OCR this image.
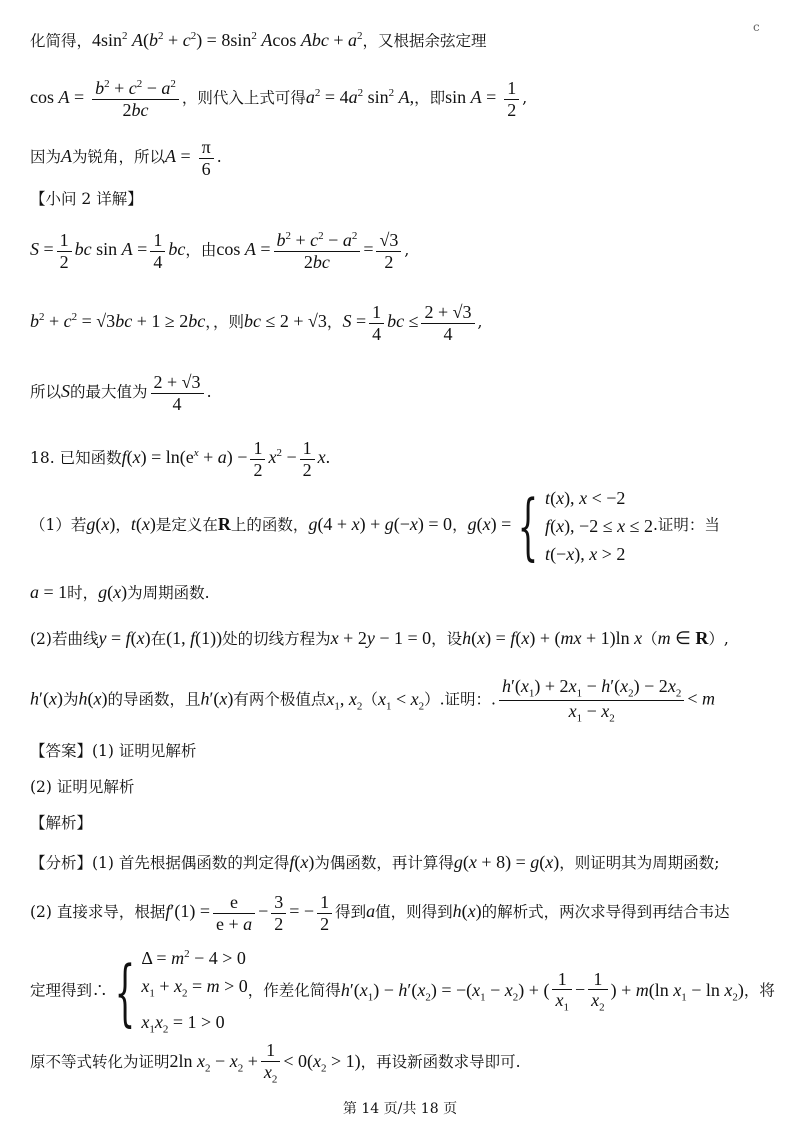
c
化简得，$4\sin^2$ $A(b^2 + c^2) = 8\sin^2$ Acos Abc + $a^2$，又根据余弦定理
$\cos A = \frac{b^2 + c^2 - a^2}{2bc}$ ，则代入上式可得$a^2 = 4a^2$ $\sin^2 A$,，即$\sin A = \frac{1}{2}$ ,
因为A为锐角，所以$A = \frac{\pi}{6}$ .
【小问 2 详解】
$S = \frac{1}{2}$ bc $\sin A = \frac{1}{4}$ bc，由$\cos A = \frac{b^2 + c^2 - a^2}{2bc} = \frac{√3}{2}$ ,
$b^2 + c^2 = √3bc + 1 \ge 2bc$，，则bc ≤ 2 + √3，$S = \frac{1}{4}$ bc ≤ $\frac{2 + √3}{4}$ ,
所以S的最大值为 $\frac{2 + √3}{4}$ .
18. 已知函数$f(x) = \ln(e^x + a) - \frac{1}{2} x^2 - \frac{1}{2} x$.
（1）若g(x)，t(x)是定义在R上的函数，g(4 + x) + g(−x) = 0，g(x) ={ t(x), x < −2
f(x), −2 ≤ x ≤ 2
t(−x), x > 2
.证明：当
a = 1时，g(x)为周期函数.
(2)若曲线y = f(x)在(1, f(1))处的切线方程为x + 2y − 1 = 0，设h(x) = f(x) + (mx + 1)ln x（m ∈ R）,
h′(x)为h(x)的导函数，且h′(x)有两个极值点$x_1$, $x_2(x_1 < x_2)$.证明：. $\frac{h'(x_1) + 2x_1 - h'(x_2) - 2x_2}{x_1 - x_2} < m$
【答案】(1) 证明见解析
(2) 证明见解析
【解析】
【分析】(1) 首先根据偶函数的判定得f(x)为偶函数，再计算得g(x + 8) = g(x)，则证明其为周期函数;
(2) 直接求导，根据$f'(1) = \frac{e}{e + a} - \frac{3}{2}$ = − $\frac{1}{2}$ 得到a值，则得到h(x)的解析式，两次求导得到再结合韦达
定理得到∴{ $\Delta = m^2 - 4 > 0$
$x_1 + x_2 = m > 0$
$x_1x_2 = 1 > 0$
，作差化简得$h'(x_1) - h'(x_2) = -(x_1 - x_2)$ + ( $\frac{1}{x_1} - \frac{1}{x_2}$ ) + m(ln $x_1 - \ln x_2$)，将
原不等式转化为证明2ln $x_2 - x_2 + \frac{1}{x_2} < 0(x_2 > 1)$，再设新函数求导即可.
第 14 页/共 18 页
